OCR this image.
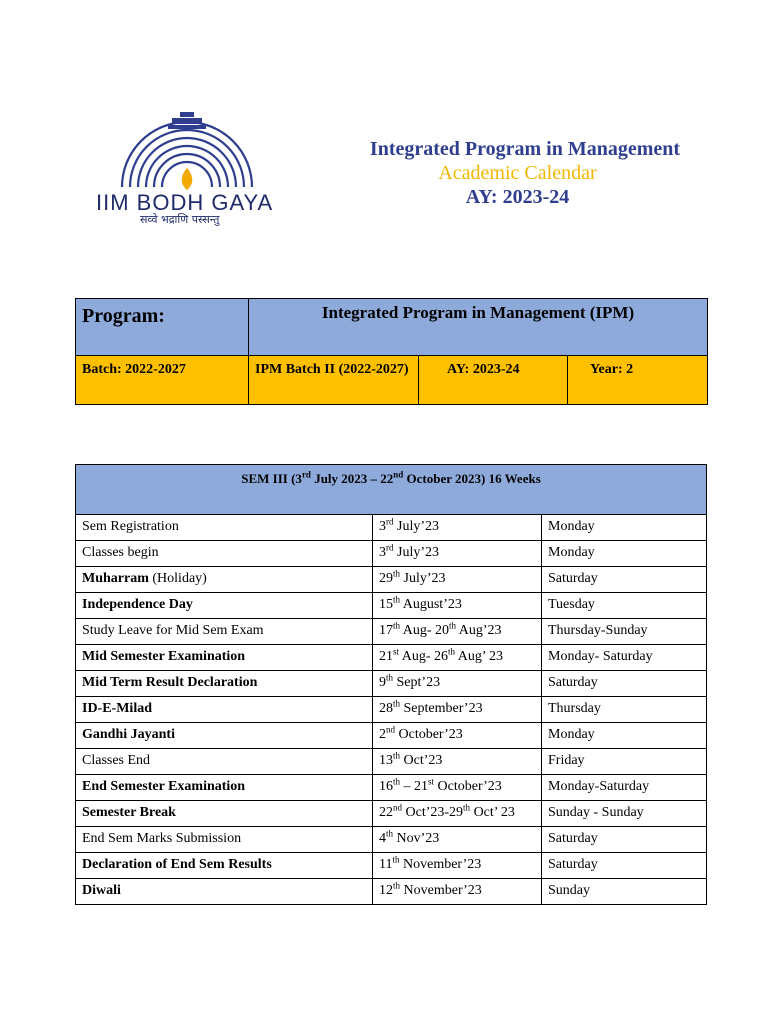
IIM BODH GAYA
सव्वे भद्राणि पस्सन्तु
Integrated Program in Management
Academic Calendar
AY: 2023-24
Program:	Integrated Program in Management (IPM)		
Batch: 2022-2027	IPM Batch II (2022-2027)	AY: 2023-24	Year: 2
SEM III (3rd July 2023 – 22nd October 2023) 16 Weeks		
Sem Registration	3rd July’23	Monday
Classes begin	3rd July’23	Monday
Muharram (Holiday)	29th July’23	Saturday
Independence Day	15th August’23	Tuesday
Study Leave for Mid Sem Exam	17th Aug- 20th Aug’23	Thursday-Sunday
Mid Semester Examination	21st Aug- 26th Aug’ 23	Monday- Saturday
Mid Term Result Declaration	9th Sept’23	Saturday
ID-E-Milad	28th September’23	Thursday
Gandhi Jayanti	2nd October’23	Monday
Classes End	13th Oct’23	Friday
End Semester Examination	16th – 21st October’23	Monday-Saturday
Semester Break	22nd Oct’23-29th Oct’ 23	Sunday - Sunday
End Sem Marks Submission	4th Nov’23	Saturday
Declaration of End Sem Results	11th November’23	Saturday
Diwali	12th November’23	Sunday
